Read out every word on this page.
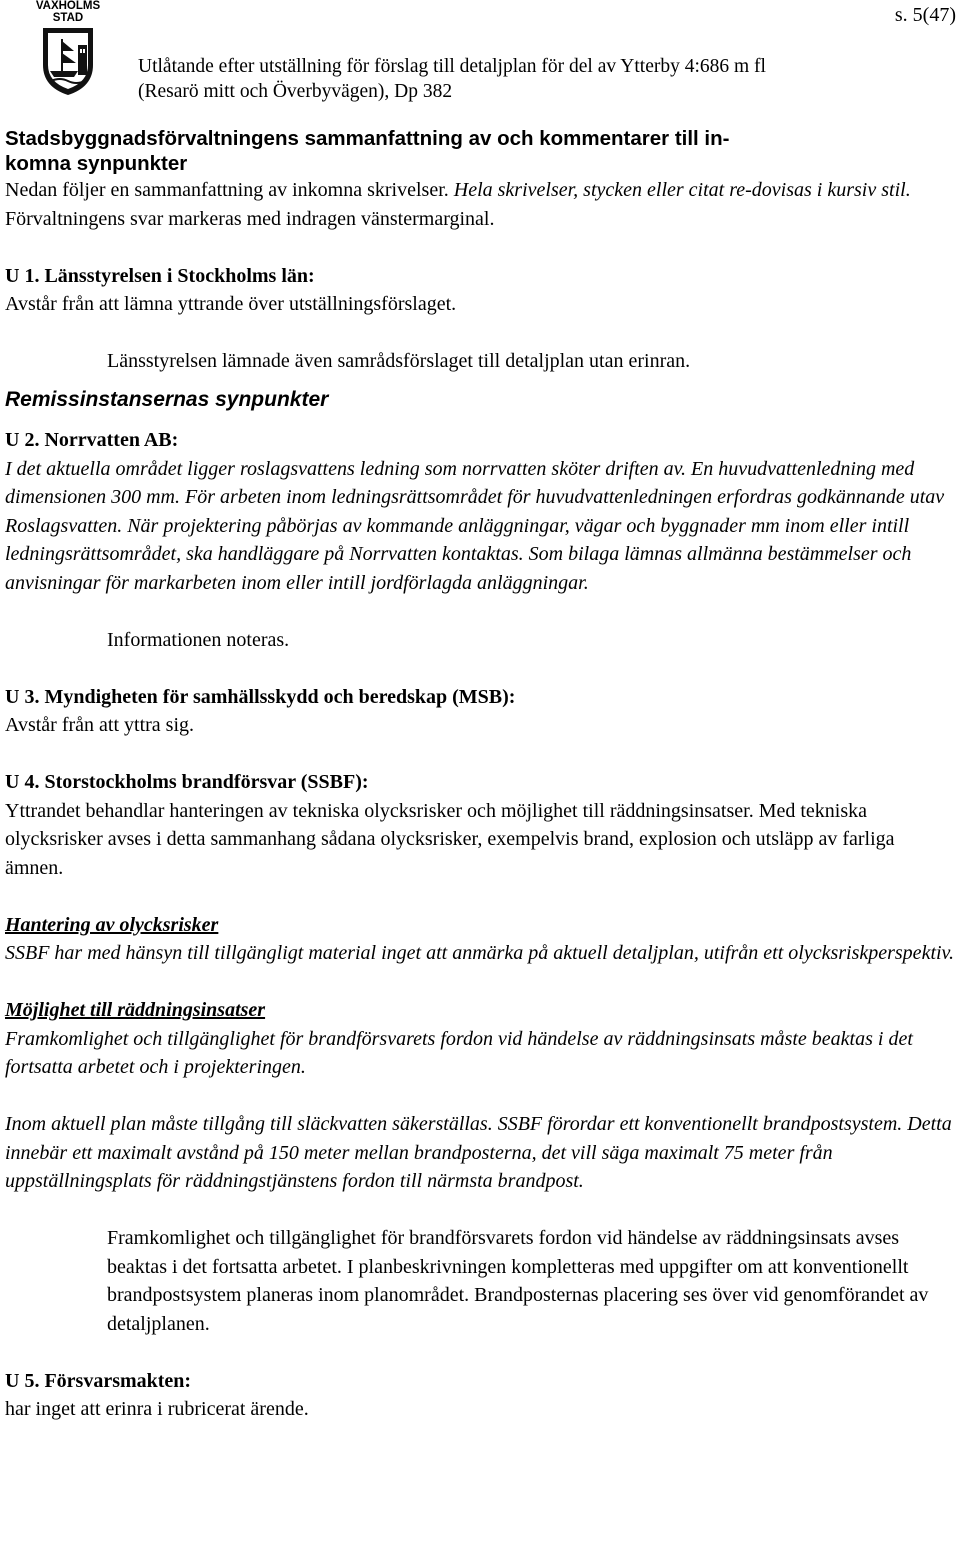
VAXHOLMS
STAD	s. 5(47)
Utlåtande efter utställning för förslag till detaljplan för del av Ytterby 4:686 m fl
(Resarö mitt och Överbyvägen), Dp 382
Stadsbyggnadsförvaltningens sammanfattning av och kommentarer till in-
komna synpunkter

Nedan följer en sammanfattning av inkomna skrivelser. Hela skrivelser, stycken eller citat re-dovisas i kursiv stil. Förvaltningens svar markeras med indragen vänstermarginal.

U 1. Länsstyrelsen i Stockholms län:

Avstår från att lämna yttrande över utställningsförslaget.

Länsstyrelsen lämnade även samrådsförslaget till detaljplan utan erinran.

Remissinstansernas synpunkter

U 2. Norrvatten AB:

I det aktuella området ligger roslagsvattens ledning som norrvatten sköter driften av. En huvudvattenledning med dimensionen 300 mm. För arbeten inom ledningsrättsområdet för huvudvattenledningen erfordras godkännande utav Roslagsvatten. När projektering påbörjas av kommande anläggningar, vägar och byggnader mm inom eller intill ledningsrättsområdet, ska handläggare på Norrvatten kontaktas. Som bilaga lämnas allmänna bestämmelser och anvisningar för markarbeten inom eller intill jordförlagda anläggningar.

Informationen noteras.

U 3. Myndigheten för samhällsskydd och beredskap (MSB):

Avstår från att yttra sig.

U 4. Storstockholms brandförsvar (SSBF):

Yttrandet behandlar hanteringen av tekniska olycksrisker och möjlighet till räddningsinsatser. Med tekniska olycksrisker avses i detta sammanhang sådana olycksrisker, exempelvis brand, explosion och utsläpp av farliga ämnen.

Hantering av olycksrisker

SSBF har med hänsyn till tillgängligt material inget att anmärka på aktuell detaljplan, utifrån ett olycksriskperspektiv.

Möjlighet till räddningsinsatser

Framkomlighet och tillgänglighet för brandförsvarets fordon vid händelse av räddningsinsats måste beaktas i det fortsatta arbetet och i projekteringen.

Inom aktuell plan måste tillgång till släckvatten säkerställas. SSBF förordar ett konventionellt brandpostsystem. Detta innebär ett maximalt avstånd på 150 meter mellan brandposterna, det vill säga maximalt 75 meter från uppställningsplats för räddningstjänstens fordon till närmsta brandpost.

Framkomlighet och tillgänglighet för brandförsvarets fordon vid händelse av räddningsinsats avses beaktas i det fortsatta arbetet. I planbeskrivningen kompletteras med uppgifter om att konventionellt brandpostsystem planeras inom planområdet. Brandposternas placering ses över vid genomförandet av detaljplanen.

U 5. Försvarsmakten:

har inget att erinra i rubricerat ärende.
